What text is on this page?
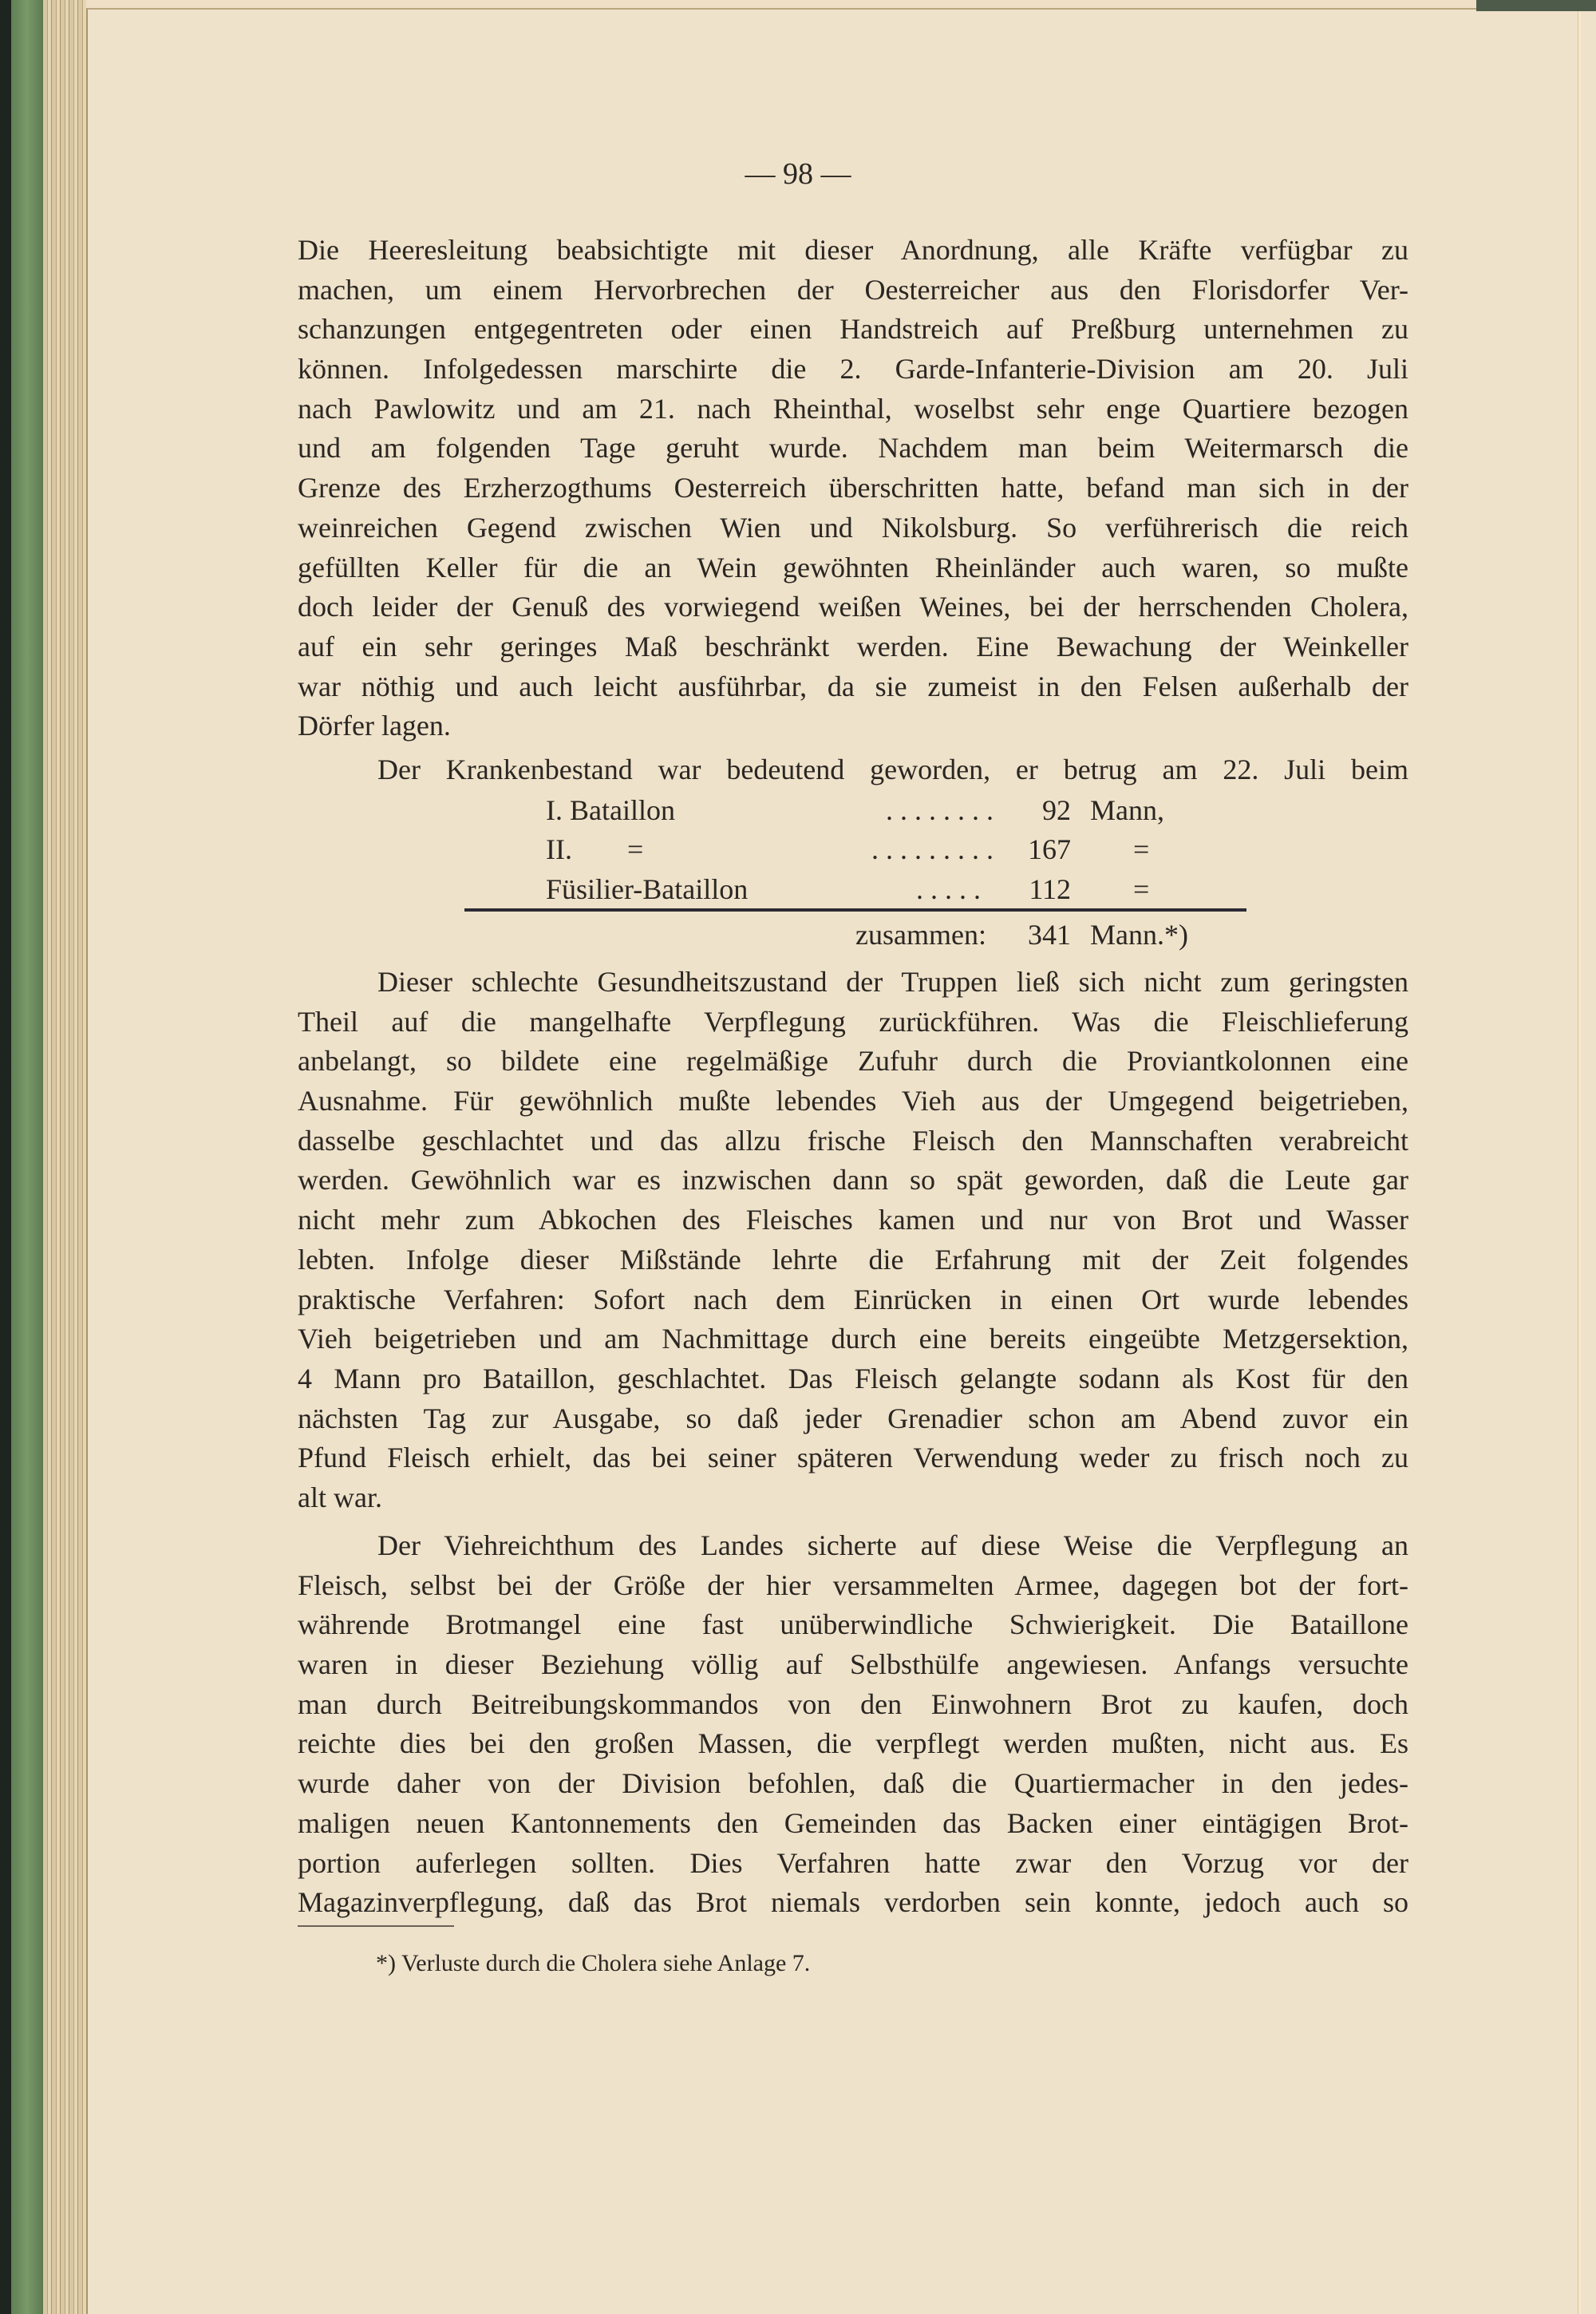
— 98 —
Die Heeresleitung beabsichtigte mit dieser Anordnung, alle Kräfte verfügbar zu
machen, um einem Hervorbrechen der Oesterreicher aus den Florisdorfer Ver-
schanzungen entgegentreten oder einen Handstreich auf Preßburg unternehmen zu
können. Infolgedessen marschirte die 2. Garde-Infanterie-Division am 20. Juli
nach Pawlowitz und am 21. nach Rheinthal, woselbst sehr enge Quartiere bezogen
und am folgenden Tage geruht wurde. Nachdem man beim Weitermarsch die
Grenze des Erzherzogthums Oesterreich überschritten hatte, befand man sich in der
weinreichen Gegend zwischen Wien und Nikolsburg. So verführerisch die reich
gefüllten Keller für die an Wein gewöhnten Rheinländer auch waren, so mußte
doch leider der Genuß des vorwiegend weißen Weines, bei der herrschenden Cholera,
auf ein sehr geringes Maß beschränkt werden. Eine Bewachung der Weinkeller
war nöthig und auch leicht ausführbar, da sie zumeist in den Felsen außerhalb der
Dörfer lagen.
Der Krankenbestand war bedeutend geworden, er betrug am 22. Juli beim
I. Bataillon	. . . . . . . .	92 Mann,
II. =	. . . . . . . . .	167 =
Füsilier-Bataillon	. . . . .	112 =
zusammen:	341 Mann.*)
Dieser schlechte Gesundheitszustand der Truppen ließ sich nicht zum geringsten
Theil auf die mangelhafte Verpflegung zurückführen. Was die Fleischlieferung
anbelangt, so bildete eine regelmäßige Zufuhr durch die Proviantkolonnen eine
Ausnahme. Für gewöhnlich mußte lebendes Vieh aus der Umgegend beigetrieben,
dasselbe geschlachtet und das allzu frische Fleisch den Mannschaften verabreicht
werden. Gewöhnlich war es inzwischen dann so spät geworden, daß die Leute gar
nicht mehr zum Abkochen des Fleisches kamen und nur von Brot und Wasser
lebten. Infolge dieser Mißstände lehrte die Erfahrung mit der Zeit folgendes
praktische Verfahren: Sofort nach dem Einrücken in einen Ort wurde lebendes
Vieh beigetrieben und am Nachmittage durch eine bereits eingeübte Metzgersektion,
4 Mann pro Bataillon, geschlachtet. Das Fleisch gelangte sodann als Kost für den
nächsten Tag zur Ausgabe, so daß jeder Grenadier schon am Abend zuvor ein
Pfund Fleisch erhielt, das bei seiner späteren Verwendung weder zu frisch noch zu
alt war.
Der Viehreichthum des Landes sicherte auf diese Weise die Verpflegung an
Fleisch, selbst bei der Größe der hier versammelten Armee, dagegen bot der fort-
währende Brotmangel eine fast unüberwindliche Schwierigkeit. Die Bataillone
waren in dieser Beziehung völlig auf Selbsthülfe angewiesen. Anfangs versuchte
man durch Beitreibungskommandos von den Einwohnern Brot zu kaufen, doch
reichte dies bei den großen Massen, die verpflegt werden mußten, nicht aus. Es
wurde daher von der Division befohlen, daß die Quartiermacher in den jedes-
maligen neuen Kantonnements den Gemeinden das Backen einer eintägigen Brot-
portion auferlegen sollten. Dies Verfahren hatte zwar den Vorzug vor der
Magazinverpflegung, daß das Brot niemals verdorben sein konnte, jedoch auch so
*) Verluste durch die Cholera siehe Anlage 7.
